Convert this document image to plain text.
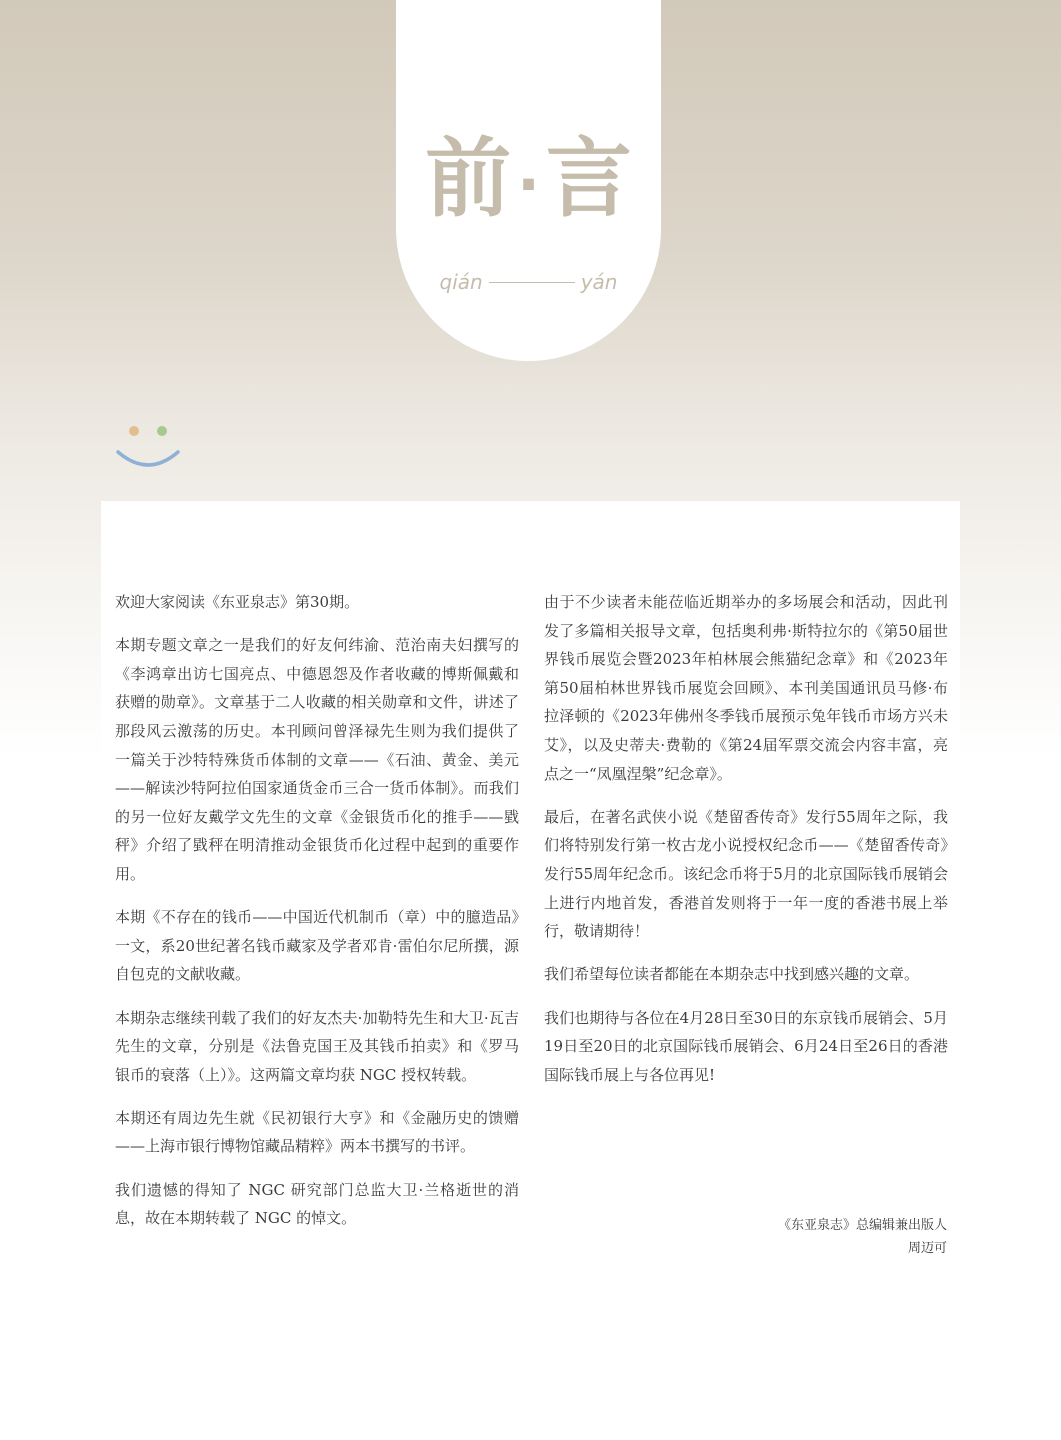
前 ·言
qián	yán

欢迎大家阅读《东亚泉志》第30期。

本期专题文章之一是我们的好友何纬渝、范治南夫妇撰写的《李鸿章出访七国亮点、中德恩怨及作者收藏的博斯佩戴和获赠的勋章》。文章基于二人收藏的相关勋章和文件，讲述了那段风云激荡的历史。本刊顾问曾泽禄先生则为我们提供了一篇关于沙特特殊货币体制的文章——《石油、黄金、美元——解读沙特阿拉伯国家通货金币三合一货币体制》。而我们的另一位好友戴学文先生的文章《金银货币化的推手——戥秤》介绍了戥秤在明清推动金银货币化过程中起到的重要作用。

本期《不存在的钱币——中国近代机制币（章）中的臆造品》一文，系20世纪著名钱币藏家及学者邓肯·雷伯尔尼所撰，源自包克的文献收藏。

本期杂志继续刊载了我们的好友杰夫·加勒特先生和大卫·瓦吉先生的文章，分别是《法鲁克国王及其钱币拍卖》和《罗马银币的衰落（上）》。这两篇文章均获 NGC 授权转载。

本期还有周边先生就《民初银行大亨》和《金融历史的馈赠——上海市银行博物馆藏品精粹》两本书撰写的书评。

我们遗憾的得知了 NGC 研究部门总监大卫·兰格逝世的消息，故在本期转载了 NGC 的悼文。

由于不少读者未能莅临近期举办的多场展会和活动，因此刊发了多篇相关报导文章，包括奥利弗·斯特拉尔的《第50届世界钱币展览会暨2023年柏林展会熊猫纪念章》和《2023年第50届柏林世界钱币展览会回顾》、本刊美国通讯员马修·布拉泽顿的《2023年佛州冬季钱币展预示兔年钱币市场方兴未艾》，以及史蒂夫·费勒的《第24届军票交流会内容丰富，亮点之一“凤凰涅槃”纪念章》。

最后，在著名武侠小说《楚留香传奇》发行55周年之际，我们将特别发行第一枚古龙小说授权纪念币——《楚留香传奇》发行55周年纪念币。该纪念币将于5月的北京国际钱币展销会上进行内地首发，香港首发则将于一年一度的香港书展上举行，敬请期待！

我们希望每位读者都能在本期杂志中找到感兴趣的文章。

我们也期待与各位在4月28日至30日的东京钱币展销会、5月19日至20日的北京国际钱币展销会、6月24日至26日的香港国际钱币展上与各位再见!

《东亚泉志》总编辑兼出版人
周迈可
